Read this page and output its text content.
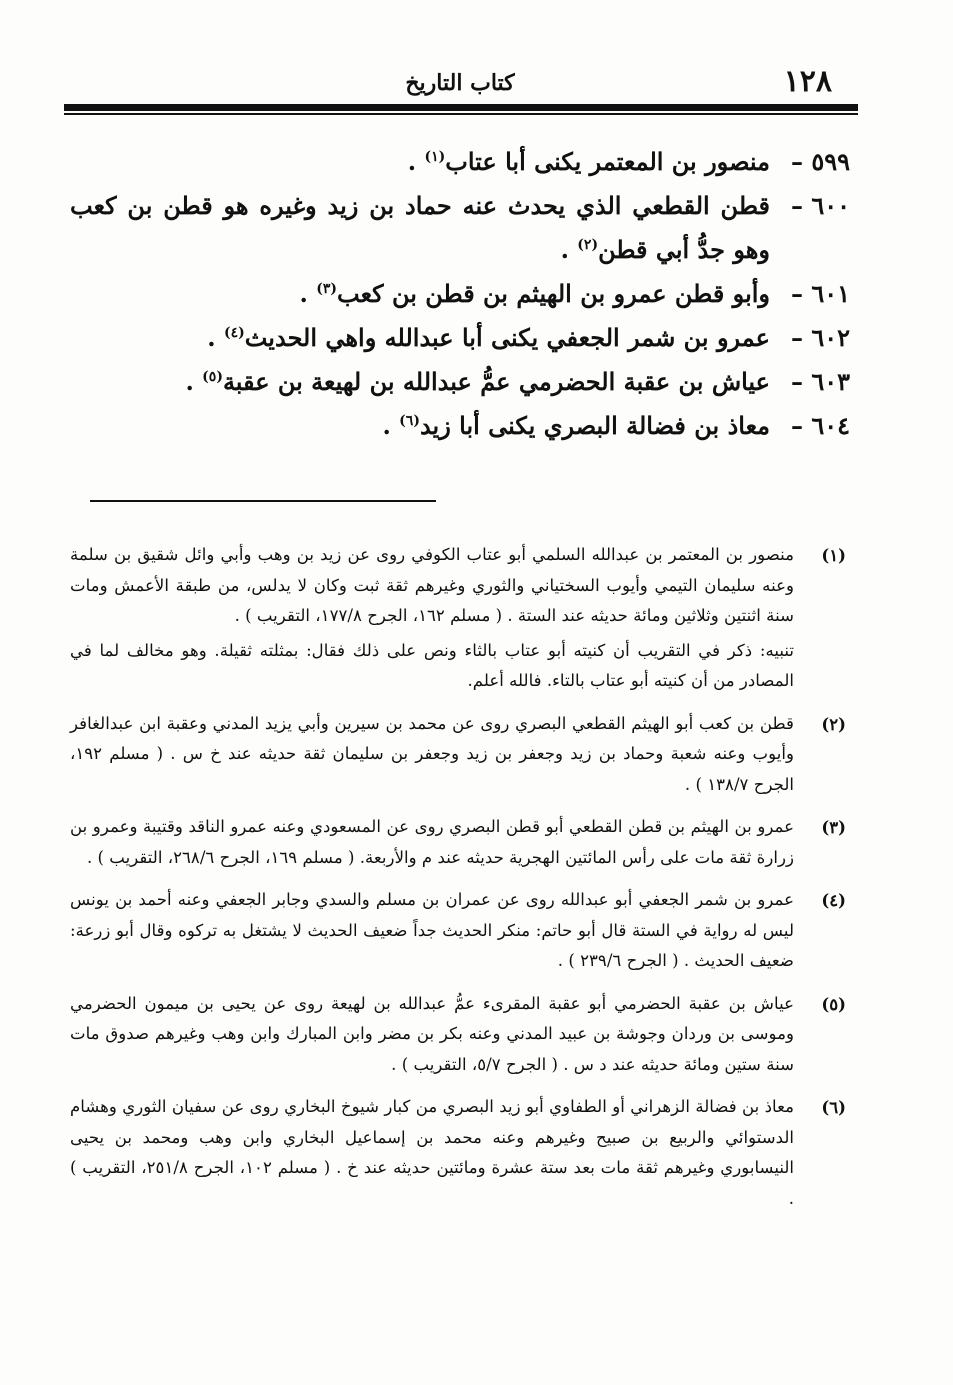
١٢٨
كتاب التاريخ
٥٩٩ –
منصور بن المعتمر يكنى أبا عتاب$^{(١)}$ .
٦٠٠ –
قطن القطعي الذي يحدث عنه حماد بن زيد وغيره هو قطن بن كعب وهو جدُّ أبي قطن$^{(٢)}$ .
٦٠١ –
وأبو قطن عمرو بن الهيثم بن قطن بن كعب$^{(٣)}$ .
٦٠٢ –
عمرو بن شمر الجعفي يكنى أبا عبدالله واهي الحديث$^{(٤)}$ .
٦٠٣ –
عياش بن عقبة الحضرمي عمُّ عبدالله بن لهيعة بن عقبة$^{(٥)}$ .
٦٠٤ –
معاذ بن فضالة البصري يكنى أبا زيد$^{(٦)}$ .
(١)

منصور بن المعتمر بن عبدالله السلمي أبو عتاب الكوفي روى عن زيد بن وهب وأبي وائل شقيق بن سلمة وعنه سليمان التيمي وأيوب السختياني والثوري وغيرهم ثقة ثبت وكان لا يدلس، من طبقة الأعمش ومات سنة اثنتين وثلاثين ومائة حديثه عند الستة . ( مسلم ١٦٢، الجرح ١٧٧/٨، التقريب ) .

تنبيه: ذكر في التقريب أن كنيته أبو عتاب بالثاء ونص على ذلك فقال: بمثلته ثقيلة. وهو مخالف لما في المصادر من أن كنيته أبو عتاب بالتاء. فالله أعلم.

(٢)

قطن بن كعب أبو الهيثم القطعي البصري روى عن محمد بن سيرين وأبي يزيد المدني وعقبة ابن عبدالغافر وأيوب وعنه شعبة وحماد بن زيد وجعفر بن زيد وجعفر بن سليمان ثقة حديثه عند خ س . ( مسلم ١٩٢، الجرح ١٣٨/٧ ) .

(٣)

عمرو بن الهيثم بن قطن القطعي أبو قطن البصري روى عن المسعودي وعنه عمرو الناقد وقتيبة وعمرو بن زرارة ثقة مات على رأس المائتين الهجرية حديثه عند م والأربعة. ( مسلم ١٦٩، الجرح ٢٦٨/٦، التقريب ) .

(٤)

عمرو بن شمر الجعفي أبو عبدالله روى عن عمران بن مسلم والسدي وجابر الجعفي وعنه أحمد بن يونس ليس له رواية في الستة قال أبو حاتم: منكر الحديث جداً ضعيف الحديث لا يشتغل به تركوه وقال أبو زرعة: ضعيف الحديث . ( الجرح ٢٣٩/٦ ) .

(٥)

عياش بن عقبة الحضرمي أبو عقبة المقرىء عمُّ عبدالله بن لهيعة روى عن يحيى بن ميمون الحضرمي وموسى بن وردان وجوشة بن عبيد المدني وعنه بكر بن مضر وابن المبارك وابن وهب وغيرهم صدوق مات سنة ستين ومائة حديثه عند د س . ( الجرح ٥/٧، التقريب ) .

(٦)

معاذ بن فضالة الزهراني أو الطفاوي أبو زيد البصري من كبار شيوخ البخاري روى عن سفيان الثوري وهشام الدستوائي والربيع بن صبيح وغيرهم وعنه محمد بن إسماعيل البخاري وابن وهب ومحمد بن يحيى النيسابوري وغيرهم ثقة مات بعد ستة عشرة ومائتين حديثه عند خ . ( مسلم ١٠٢، الجرح ٢٥١/٨، التقريب ) .
